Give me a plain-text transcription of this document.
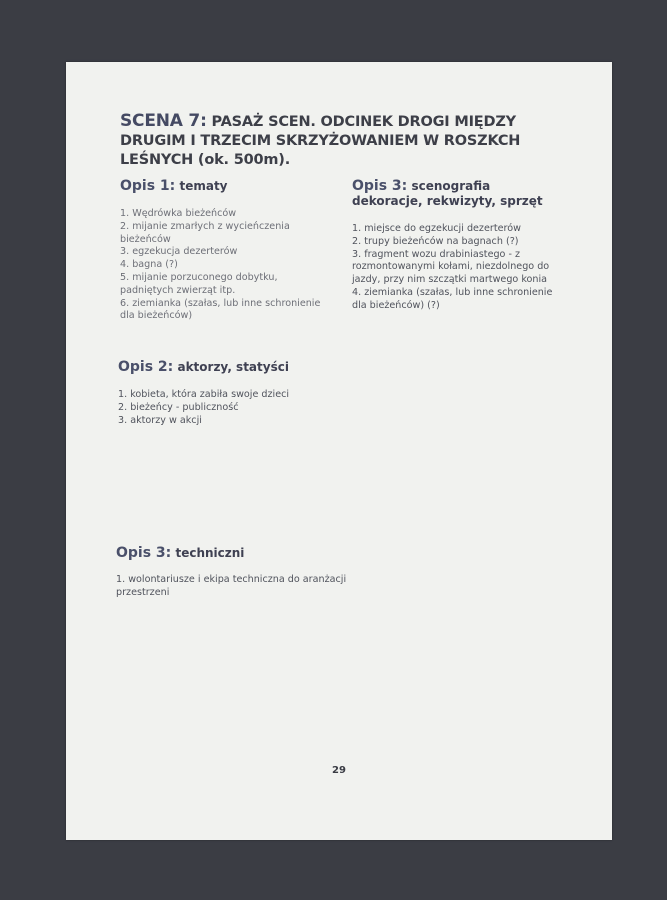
SCENA 7: PASAŻ SCEN. ODCINEK DROGI MIĘDZY DRUGIM I TRZECIM SKRZYŻOWANIEM W ROSZKCH LEŚNYCH (ok. 500m).

Opis 1: tematy

1. Wędrówka bieżeńców
2. mijanie zmarłych z wycieńczenia bieżeńców
3. egzekucja dezerterów
4. bagna (?)
5. mijanie porzuconego dobytku, padniętych zwierząt itp.
6. ziemianka (szałas, lub inne schronienie dla bieżeńców)

Opis 3: scenografia
dekoracje, rekwizyty, sprzęt

1. miejsce do egzekucji dezerterów
2. trupy bieżeńców na bagnach (?)
3. fragment wozu drabiniastego - z rozmontowanymi kołami, niezdolnego do jazdy, przy nim szczątki martwego konia
4. ziemianka (szałas, lub inne schronienie dla bieżeńców) (?)

Opis 2: aktorzy, statyści

1. kobieta, która zabiła swoje dzieci
2. bieżeńcy - publiczność
3. aktorzy w akcji

Opis 3: techniczni

1. wolontariusze i ekipa techniczna do aranżacji przestrzeni
29
